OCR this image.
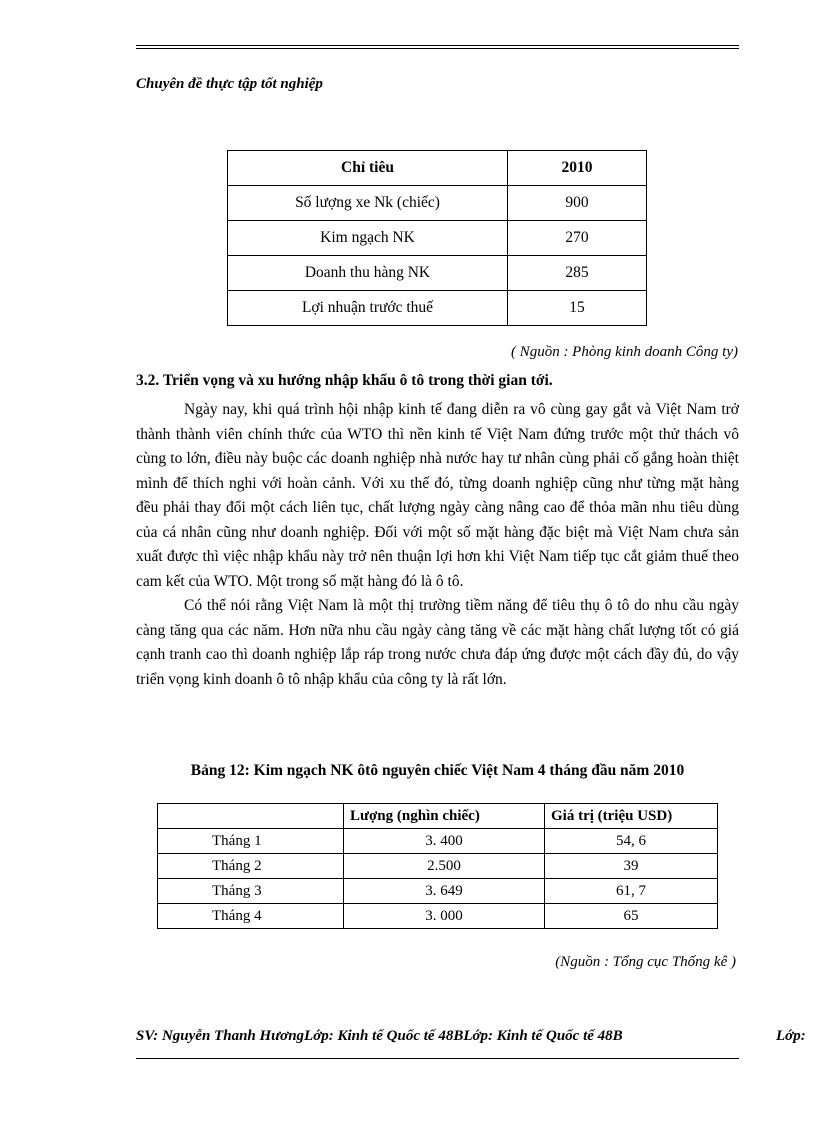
Chuyên đề thực tập tốt nghiệp
Chỉ tiêu	2010
Số lượng xe Nk (chiếc)	900
Kim ngạch NK	270
Doanh thu hàng NK	285
Lợi nhuận trước thuế	15
( Nguồn : Phòng kinh doanh Công ty)
3.2. Triển vọng và xu hướng nhập khẩu ô tô trong thời gian tới.

Ngày nay, khi quá trình hội nhập kinh tế đang diễn ra vô cùng gay gắt và Việt Nam trở thành thành viên chính thức của WTO thì nền kinh tế Việt Nam đứng trước một thử thách vô cùng to lớn, điều này buộc các doanh nghiệp nhà nước hay tư nhân cùng phải cố gắng hoàn thiệt mình để thích nghi với hoàn cảnh. Với xu thế đó, từng doanh nghiệp cũng như từng mặt hàng đều phải thay đổi một cách liên tục, chất lượng ngày càng nâng cao để thỏa mãn nhu tiêu dùng của cá nhân cũng như doanh nghiệp. Đối với một số mặt hàng đặc biệt mà Việt Nam chưa sản xuất được thì việc nhập khẩu này trở nên thuận lợi hơn khi Việt Nam tiếp tục cắt giảm thuế theo cam kết của WTO. Một trong số mặt hàng đó là ô tô.

Có thể nói rằng Việt Nam là một thị trường tiềm năng để tiêu thụ ô tô do nhu cầu ngày càng tăng qua các năm. Hơn nữa nhu cầu ngày càng tăng về các mặt hàng chất lượng tốt có giá cạnh tranh cao thì doanh nghiệp lắp ráp trong nước chưa đáp ứng được một cách đầy đủ, do vậy triển vọng kinh doanh ô tô nhập khẩu của công ty là rất lớn.

Bảng 12: Kim ngạch NK ôtô nguyên chiếc Việt Nam 4 tháng đầu năm 2010
	Lượng (nghìn chiếc)	Giá trị (triệu USD)
Tháng 1	3. 400	54, 6
Tháng 2	2.500	39
Tháng 3	3. 649	61, 7
Tháng 4	3. 000	65
(Nguồn : Tổng cục Thống kê )
SV: Nguyễn Thanh HươngLớp: Kinh tế Quốc tế 48BLớp: Kinh tế Quốc tế 48B	Lớp:
